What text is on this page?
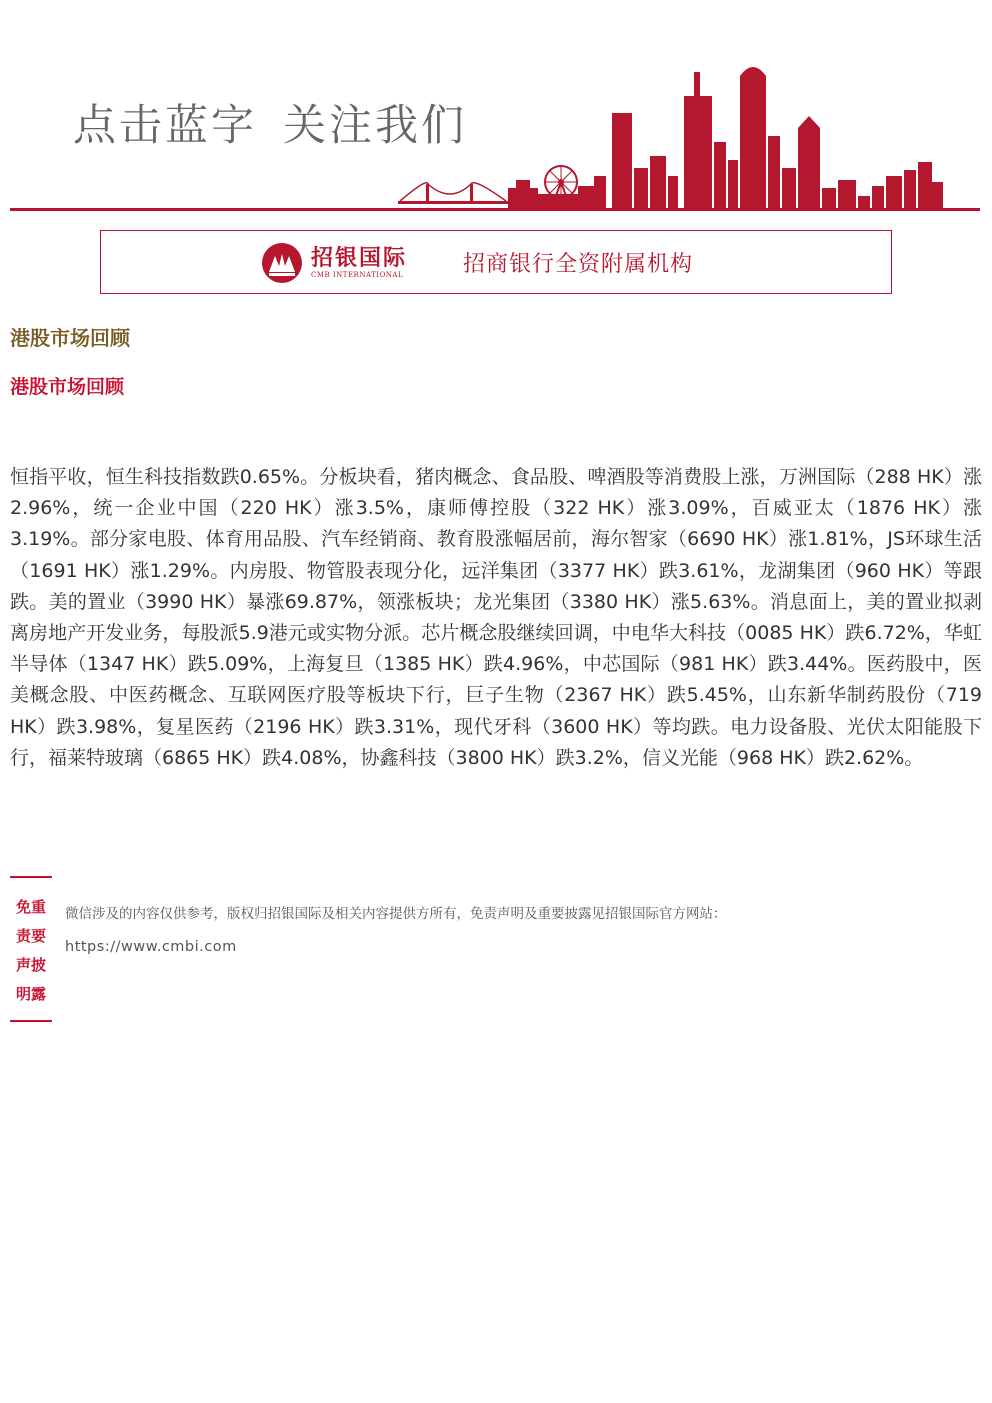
点击蓝字 关注我们
招银国际
CMB INTERNATIONAL	招商银行全资附属机构
港股市场回顾
港股市场回顾
恒指平收，恒生科技指数跌0.65%。分板块看，猪肉概念、食品股、啤酒股等消费股上涨，万洲国际（288 HK）涨2.96%，统一企业中国（220 HK）涨3.5%，康师傅控股（322 HK）涨3.09%，百威亚太（1876 HK）涨3.19%。部分家电股、体育用品股、汽车经销商、教育股涨幅居前，海尔智家（6690 HK）涨1.81%，JS环球生活（1691 HK）涨1.29%。内房股、物管股表现分化，远洋集团（3377 HK）跌3.61%，龙湖集团（960 HK）等跟跌。美的置业（3990 HK）暴涨69.87%，领涨板块；龙光集团（3380 HK）涨5.63%。消息面上，美的置业拟剥离房地产开发业务，每股派5.9港元或实物分派。芯片概念股继续回调，中电华大科技（0085 HK）跌6.72%，华虹半导体（1347 HK）跌5.09%，上海复旦（1385 HK）跌4.96%，中芯国际（981 HK）跌3.44%。医药股中，医美概念股、中医药概念、互联网医疗股等板块下行，巨子生物（2367 HK）跌5.45%，山东新华制药股份（719 HK）跌3.98%，复星医药（2196 HK）跌3.31%，现代牙科（3600 HK）等均跌。电力设备股、光伏太阳能股下行，福莱特玻璃（6865 HK）跌4.08%，协鑫科技（3800 HK）跌3.2%，信义光能（968 HK）跌2.62%。
免重
责要
声披
明露
微信涉及的内容仅供参考，版权归招银国际及相关内容提供方所有，免责声明及重要披露见招银国际官方网站：
https://www.cmbi.com
